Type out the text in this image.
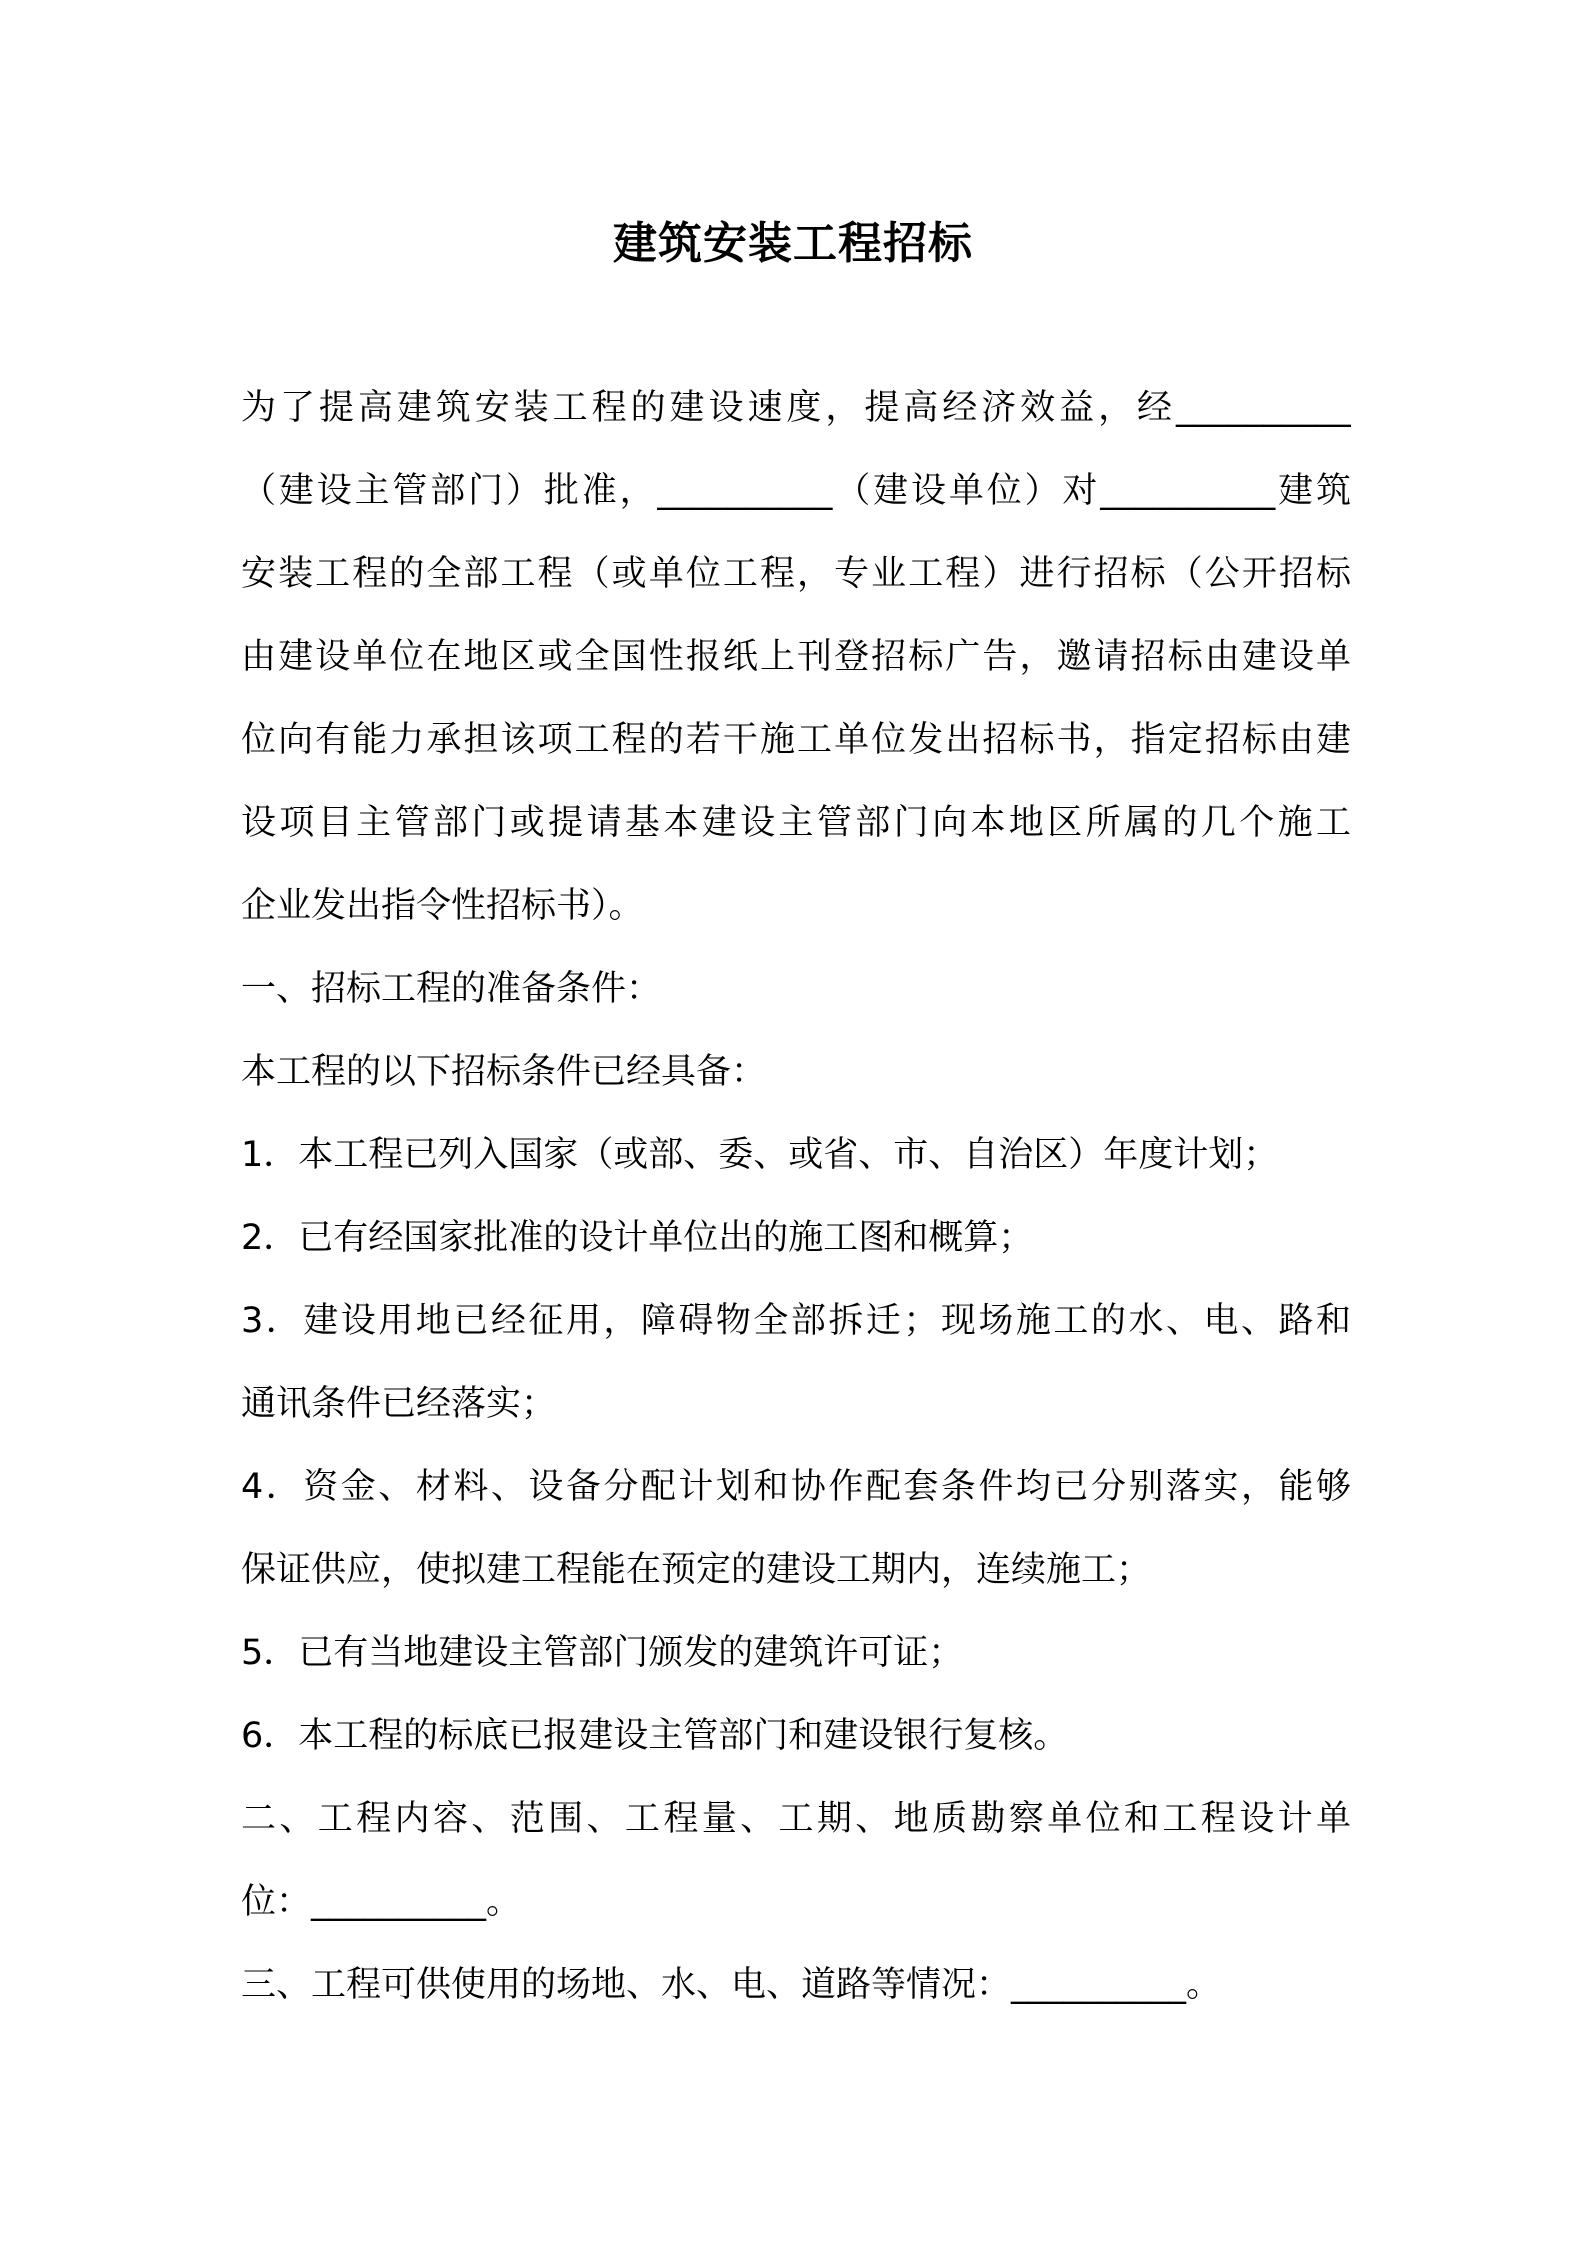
建筑安装工程招标
为了提高建筑安装工程的建设速度，提高经济效益，经__________
（建设主管部门）批准，__________（建设单位）对__________建筑
安装工程的全部工程（或单位工程，专业工程）进行招标（公开招标
由建设单位在地区或全国性报纸上刊登招标广告，邀请招标由建设单
位向有能力承担该项工程的若干施工单位发出招标书，指定招标由建
设项目主管部门或提请基本建设主管部门向本地区所属的几个施工
企业发出指令性招标书）。
一、招标工程的准备条件：
本工程的以下招标条件已经具备：
1．本工程已列入国家（或部、委、或省、市、自治区）年度计划；
2．已有经国家批准的设计单位出的施工图和概算；
3．建设用地已经征用，障碍物全部拆迁；现场施工的水、电、路和
通讯条件已经落实；
4．资金、材料、设备分配计划和协作配套条件均已分别落实，能够
保证供应，使拟建工程能在预定的建设工期内，连续施工；
5．已有当地建设主管部门颁发的建筑许可证；
6．本工程的标底已报建设主管部门和建设银行复核。
二、工程内容、范围、工程量、工期、地质勘察单位和工程设计单
位：__________。
三、工程可供使用的场地、水、电、道路等情况：__________。
